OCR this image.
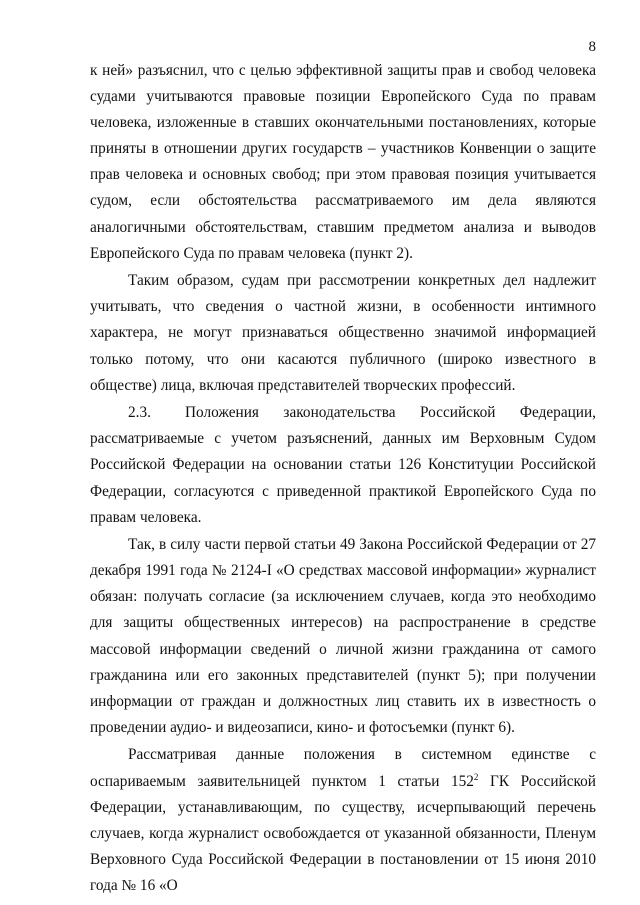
8

к ней» разъяснил, что с целью эффективной защиты прав и свобод человека судами учитываются правовые позиции Европейского Суда по правам человека, изложенные в ставших окончательными постановлениях, которые приняты в отношении других государств – участников Конвенции о защите прав человека и основных свобод; при этом правовая позиция учитывается судом, если обстоятельства рассматриваемого им дела являются аналогичными обстоятельствам, ставшим предметом анализа и выводов Европейского Суда по правам человека (пункт 2).

Таким образом, судам при рассмотрении конкретных дел надлежит учитывать, что сведения о частной жизни, в особенности интимного характера, не могут признаваться общественно значимой информацией только потому, что они касаются публичного (широко известного в обществе) лица, включая представителей творческих профессий.

2.3. Положения законодательства Российской Федерации, рассматриваемые с учетом разъяснений, данных им Верховным Судом Российской Федерации на основании статьи 126 Конституции Российской Федерации, согласуются с приведенной практикой Европейского Суда по правам человека.

Так, в силу части первой статьи 49 Закона Российской Федерации от 27 декабря 1991 года № 2124-I «О средствах массовой информации» журналист обязан: получать согласие (за исключением случаев, когда это необходимо для защиты общественных интересов) на распространение в средстве массовой информации сведений о личной жизни гражданина от самого гражданина или его законных представителей (пункт 5); при получении информации от граждан и должностных лиц ставить их в известность о проведении аудио- и видеозаписи, кино- и фотосъемки (пункт 6).

Рассматривая данные положения в системном единстве с оспариваемым заявительницей пунктом 1 статьи $152^2$ ГК Российской Федерации, устанавливающим, по существу, исчерпывающий перечень случаев, когда журналист освобождается от указанной обязанности, Пленум Верховного Суда Российской Федерации в постановлении от 15 июня 2010 года № 16 «О
